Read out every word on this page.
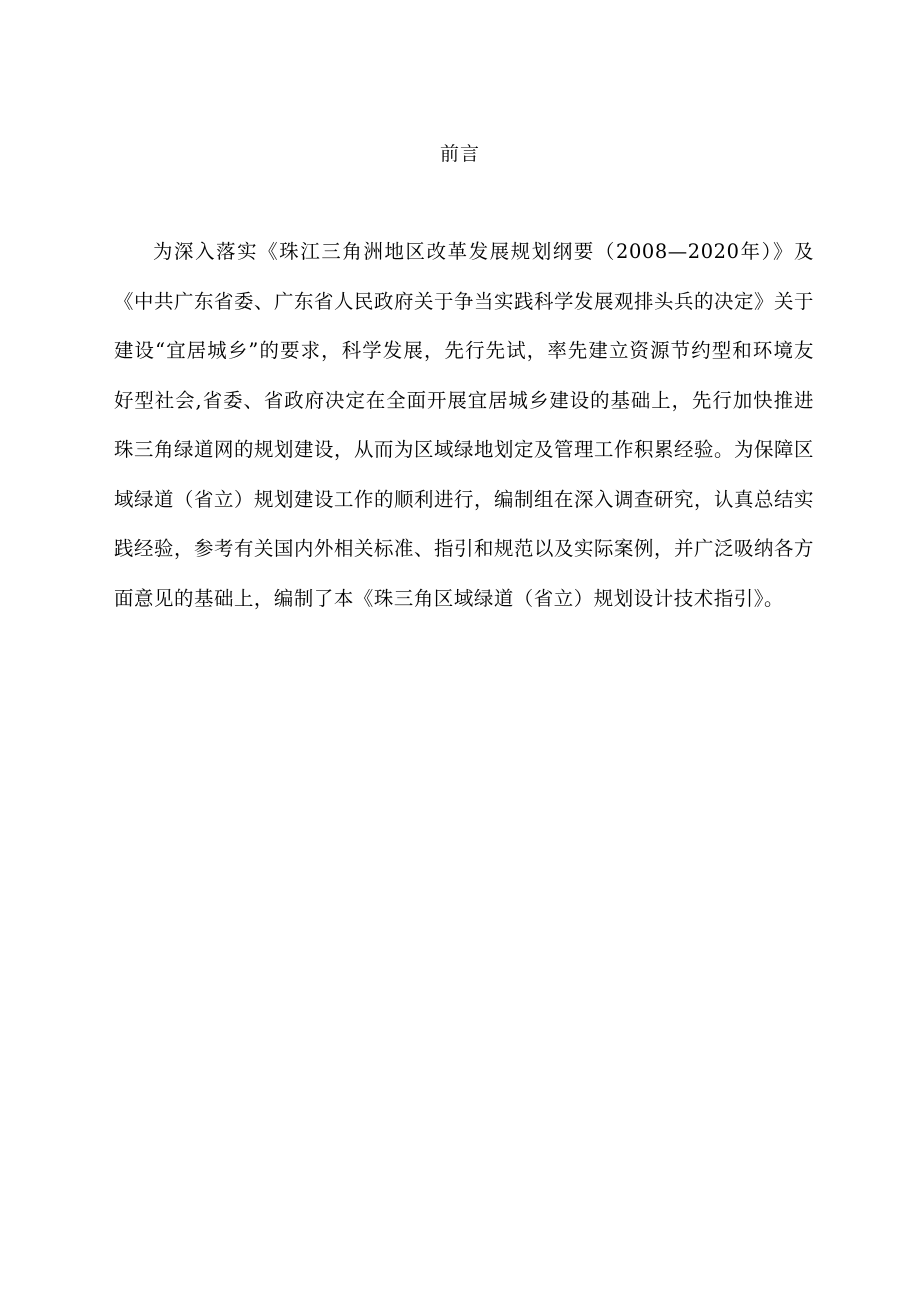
前言

为深入落实《珠江三角洲地区改革发展规划纲要（2008—2020年）》及《中共广东省委、广东省人民政府关于争当实践科学发展观排头兵的决定》关于建设“宜居城乡”的要求，科学发展，先行先试，率先建立资源节约型和环境友好型社会,省委、省政府决定在全面开展宜居城乡建设的基础上，先行加快推进珠三角绿道网的规划建设，从而为区域绿地划定及管理工作积累经验。为保障区域绿道（省立）规划建设工作的顺利进行，编制组在深入调查研究，认真总结实践经验，参考有关国内外相关标准、指引和规范以及实际案例，并广泛吸纳各方面意见的基础上，编制了本《珠三角区域绿道（省立）规划设计技术指引》。
